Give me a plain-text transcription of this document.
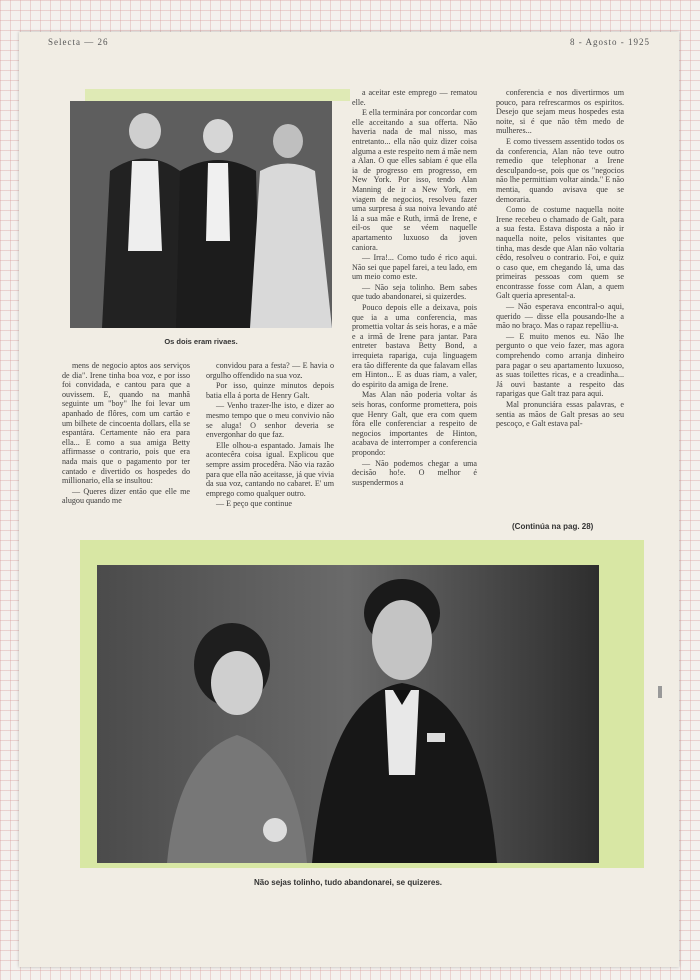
Selecta — 26	8 - Agosto - 1925
Os dois eram rivaes.

a aceitar este emprego — rematou elle.

E ella terminára por concordar com elle acceitando a sua offerta. Não haveria nada de mal nisso, mas entretanto... ella não quiz dizer coisa alguma a este respeito nem á mãe nem a Alan. O que elles sabiam é que ella ia de progresso em progresso, em New York. Por isso, tendo Alan Manning de ir a New York, em viagem de negocios, resolveu fazer uma surpresa á sua noiva levando até lá a sua mãe e Ruth, irmã de Irene, e eil-os que se véem naquelle apartamento luxuoso da joven caniora.

— Irra!... Como tudo é rico aqui. Não sei que papel farei, a teu lado, em um meio como este.

— Não seja tolinho. Bem sabes que tudo abandonarei, si quizerdes.

Pouco depois elle a deixava, pois que ia a uma conferencia, mas promettia voltar ás seis horas, e a mãe e a irmã de Irene para jantar. Para entreter bastava Betty Bond, a irrequieta rapariga, cuja linguagem era tão differente da que falavam ellas em Hinton... E as duas riam, a valer, do espirito da amiga de Irene.

Mas Alan não poderia voltar ás seis horas, conforme promettera, pois que Henry Galt, que era com quem fôra elle conferenciar a respeito de negocios importantes de Hinton, acabava de interromper a conferencia propondo:

— Não podemos chegar a uma decisão ho!e. O melhor é suspendermos a

conferencia e nos divertirmos um pouco, para refrescarmos os espiritos. Desejo que sejam meus hospedes esta noite, si é que não têm medo de mulheres...

E como tivessem assentido todos os da conferencia, Alan não teve outro remedio que telephonar a Irene desculpando-se, pois que os "negocios não lhe permittiam voltar ainda." E não mentia, quando avisava que se demoraria.

Como de costume naquella noite Irene recebeu o chamado de Galt, para a sua festa. Estava disposta a não ir naquella noite, pelos visitantes que tinha, mas desde que Alan não voltaria cêdo, resolveu o contrario. Foi, e quiz o caso que, em chegando lá, uma das primeiras pessoas com quem se encontrasse fosse com Alan, a quem Galt queria apresental-a.

— Não esperava encontral-o aqui, querido — disse ella pousando-lhe a mão no braço. Mas o rapaz repelliu-a.

— E muito menos eu. Não lhe pergunto o que veio fazer, mas agora comprehendo como arranja dinheiro para pagar o seu apartamento luxuoso, as suas toilettes ricas, e a creadinha... Já ouvi bastante a respeito das raparigas que Galt traz para aqui.

Mal pronunciára essas palavras, e sentia as mãos de Galt presas ao seu pescoço, e Galt estava pal-

mens de negocio aptos aos serviços de dia". Irene tinha boa voz, e por isso foi convidada, e cantou para que a ouvissem. E, quando na manhã seguinte um "boy" lhe foi levar um apanhado de flôres, com um cartão e um bilhete de cincoenta dollars, ella se espantára. Certamente não era para ella... E como a sua amiga Betty affirmasse o contrario, pois que era nada mais que o pagamento por ter cantado e divertido os hospedes do millionario, ella se insultou:

— Queres dizer então que elle me alugou quando me

convidou para a festa? — E havia o orgulho offendido na sua voz.

Por isso, quinze minutos depois batia ella á porta de Henry Galt.

— Venho trazer-lhe isto, e dizer ao mesmo tempo que o meu convivio não se aluga! O senhor deveria se envergonhar do que faz.

Elle olhou-a espantado. Jamais lhe acontecêra coisa igual. Explicou que sempre assim procedêra. Não via razão para que ella não aceitasse, já que vivia da sua voz, cantando no cabaret. E' um emprego como qualquer outro.

— E peço que continue

(Continúa na pag. 28)
Não sejas tolinho, tudo abandonarei, se quizeres.
